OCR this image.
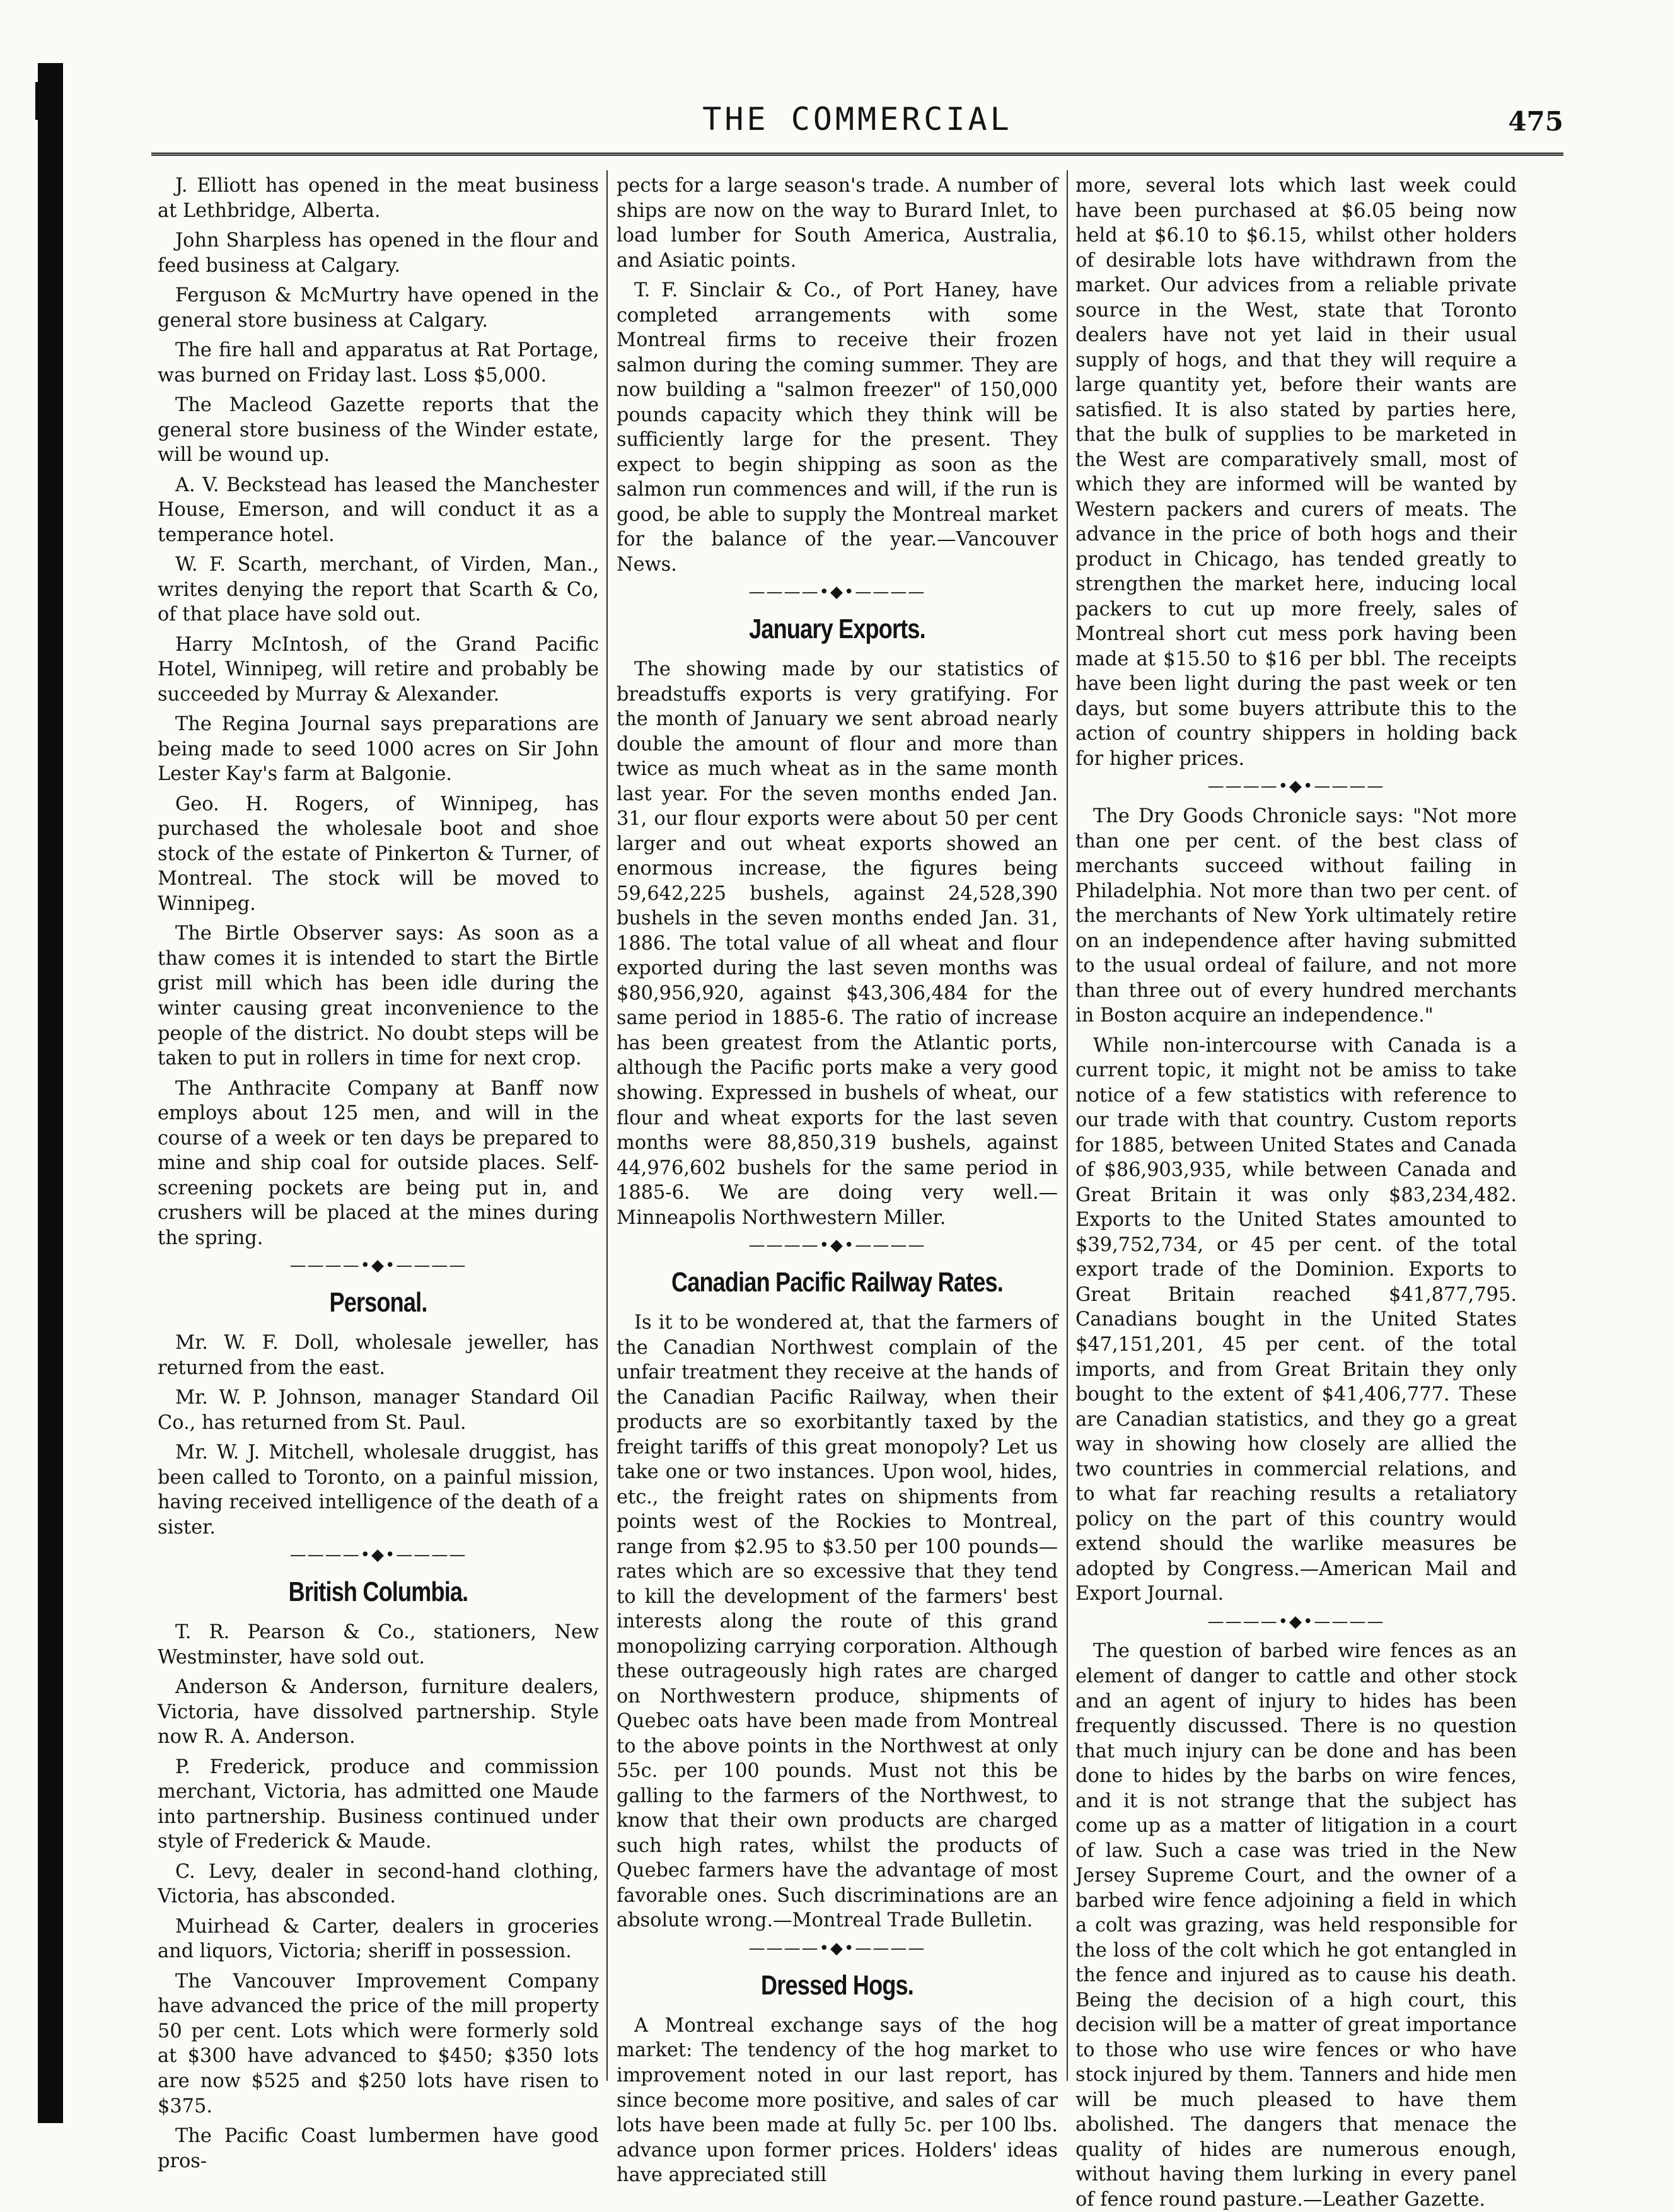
THE COMMERCIAL	475

J. Elliott has opened in the meat business at Lethbridge, Alberta.

John Sharpless has opened in the flour and feed business at Calgary.

Ferguson & McMurtry have opened in the general store business at Calgary.

The fire hall and apparatus at Rat Portage, was burned on Friday last. Loss $5,000.

The Macleod Gazette reports that the general store business of the Winder estate, will be wound up.

A. V. Beckstead has leased the Manchester House, Emerson, and will conduct it as a temperance hotel.

W. F. Scarth, merchant, of Virden, Man., writes denying the report that Scarth & Co, of that place have sold out.

Harry McIntosh, of the Grand Pacific Hotel, Winnipeg, will retire and probably be succeeded by Murray & Alexander.

The Regina Journal says preparations are being made to seed 1000 acres on Sir John Lester Kay's farm at Balgonie.

Geo. H. Rogers, of Winnipeg, has purchased the wholesale boot and shoe stock of the estate of Pinkerton & Turner, of Montreal. The stock will be moved to Winnipeg.

The Birtle Observer says: As soon as a thaw comes it is intended to start the Birtle grist mill which has been idle during the winter causing great inconvenience to the people of the district. No doubt steps will be taken to put in rollers in time for next crop.

The Anthracite Company at Banff now employs about 125 men, and will in the course of a week or ten days be prepared to mine and ship coal for outside places. Self-screening pockets are being put in, and crushers will be placed at the mines during the spring.

————•◆•————
Personal.

Mr. W. F. Doll, wholesale jeweller, has returned from the east.

Mr. W. P. Johnson, manager Standard Oil Co., has returned from St. Paul.

Mr. W. J. Mitchell, wholesale druggist, has been called to Toronto, on a painful mission, having received intelligence of the death of a sister.

————•◆•————
British Columbia.

T. R. Pearson & Co., stationers, New Westminster, have sold out.

Anderson & Anderson, furniture dealers, Victoria, have dissolved partnership. Style now R. A. Anderson.

P. Frederick, produce and commission merchant, Victoria, has admitted one Maude into partnership. Business continued under style of Frederick & Maude.

C. Levy, dealer in second-hand clothing, Victoria, has absconded.

Muirhead & Carter, dealers in groceries and liquors, Victoria; sheriff in possession.

The Vancouver Improvement Company have advanced the price of the mill property 50 per cent. Lots which were formerly sold at $300 have advanced to $450; $350 lots are now $525 and $250 lots have risen to $375.

The Pacific Coast lumbermen have good pros-

pects for a large season's trade. A number of ships are now on the way to Burard Inlet, to load lumber for South America, Australia, and Asiatic points.

T. F. Sinclair & Co., of Port Haney, have completed arrangements with some Montreal firms to receive their frozen salmon during the coming summer. They are now building a "salmon freezer" of 150,000 pounds capacity which they think will be sufficiently large for the present. They expect to begin shipping as soon as the salmon run commences and will, if the run is good, be able to supply the Montreal market for the balance of the year.—Vancouver News.

————•◆•————
January Exports.

The showing made by our statistics of breadstuffs exports is very gratifying. For the month of January we sent abroad nearly double the amount of flour and more than twice as much wheat as in the same month last year. For the seven months ended Jan. 31, our flour exports were about 50 per cent larger and out wheat exports showed an enormous increase, the figures being 59,642,225 bushels, against 24,528,390 bushels in the seven months ended Jan. 31, 1886. The total value of all wheat and flour exported during the last seven months was $80,956,920, against $43,306,484 for the same period in 1885-6. The ratio of increase has been greatest from the Atlantic ports, although the Pacific ports make a very good showing. Expressed in bushels of wheat, our flour and wheat exports for the last seven months were 88,850,319 bushels, against 44,976,602 bushels for the same period in 1885-6. We are doing very well.—Minneapolis Northwestern Miller.

————•◆•————
Canadian Pacific Railway Rates.

Is it to be wondered at, that the farmers of the Canadian Northwest complain of the unfair treatment they receive at the hands of the Canadian Pacific Railway, when their products are so exorbitantly taxed by the freight tariffs of this great monopoly? Let us take one or two instances. Upon wool, hides, etc., the freight rates on shipments from points west of the Rockies to Montreal, range from $2.95 to $3.50 per 100 pounds—rates which are so excessive that they tend to kill the development of the farmers' best interests along the route of this grand monopolizing carrying corporation. Although these outrageously high rates are charged on Northwestern produce, shipments of Quebec oats have been made from Montreal to the above points in the Northwest at only 55c. per 100 pounds. Must not this be galling to the farmers of the Northwest, to know that their own products are charged such high rates, whilst the products of Quebec farmers have the advantage of most favorable ones. Such discriminations are an absolute wrong.—Montreal Trade Bulletin.

————•◆•————
Dressed Hogs.

A Montreal exchange says of the hog market: The tendency of the hog market to improvement noted in our last report, has since become more positive, and sales of car lots have been made at fully 5c. per 100 lbs. advance upon former prices. Holders' ideas have appreciated still

more, several lots which last week could have been purchased at $6.05 being now held at $6.10 to $6.15, whilst other holders of desirable lots have withdrawn from the market. Our advices from a reliable private source in the West, state that Toronto dealers have not yet laid in their usual supply of hogs, and that they will require a large quantity yet, before their wants are satisfied. It is also stated by parties here, that the bulk of supplies to be marketed in the West are comparatively small, most of which they are informed will be wanted by Western packers and curers of meats. The advance in the price of both hogs and their product in Chicago, has tended greatly to strengthen the market here, inducing local packers to cut up more freely, sales of Montreal short cut mess pork having been made at $15.50 to $16 per bbl. The receipts have been light during the past week or ten days, but some buyers attribute this to the action of country shippers in holding back for higher prices.

————•◆•————

The Dry Goods Chronicle says: "Not more than one per cent. of the best class of merchants succeed without failing in Philadelphia. Not more than two per cent. of the merchants of New York ultimately retire on an independence after having submitted to the usual ordeal of failure, and not more than three out of every hundred merchants in Boston acquire an independence."

While non-intercourse with Canada is a current topic, it might not be amiss to take notice of a few statistics with reference to our trade with that country. Custom reports for 1885, between United States and Canada of $86,903,935, while between Canada and Great Britain it was only $83,234,482. Exports to the United States amounted to $39,752,734, or 45 per cent. of the total export trade of the Dominion. Exports to Great Britain reached $41,877,795. Canadians bought in the United States $47,151,201, 45 per cent. of the total imports, and from Great Britain they only bought to the extent of $41,406,777. These are Canadian statistics, and they go a great way in showing how closely are allied the two countries in commercial relations, and to what far reaching results a retaliatory policy on the part of this country would extend should the warlike measures be adopted by Congress.—American Mail and Export Journal.

————•◆•————

The question of barbed wire fences as an element of danger to cattle and other stock and an agent of injury to hides has been frequently discussed. There is no question that much injury can be done and has been done to hides by the barbs on wire fences, and it is not strange that the subject has come up as a matter of litigation in a court of law. Such a case was tried in the New Jersey Supreme Court, and the owner of a barbed wire fence adjoining a field in which a colt was grazing, was held responsible for the loss of the colt which he got entangled in the fence and injured as to cause his death. Being the decision of a high court, this decision will be a matter of great importance to those who use wire fences or who have stock injured by them. Tanners and hide men will be much pleased to have them abolished. The dangers that menace the quality of hides are numerous enough, without having them lurking in every panel of fence round pasture.—Leather Gazette.
